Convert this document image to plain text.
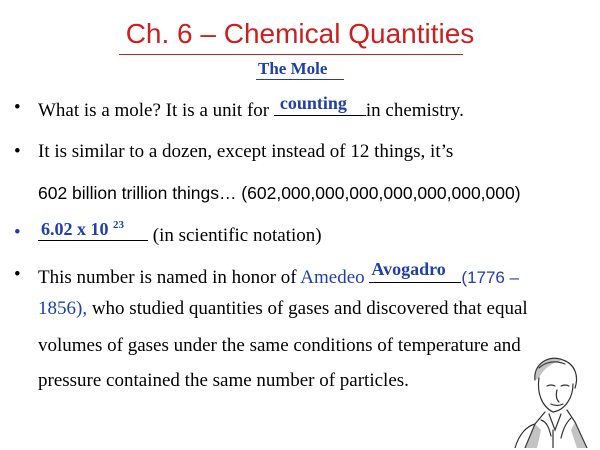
Ch. 6 – Chemical Quantities
The Mole
• What is a mole? It is a unit for counting in chemistry.
• It is similar to a dozen, except instead of 12 things, it’s
602 billion trillion things… (602,000,000,000,000,000,000,000)
• 6.02 x 10 $^{23}$ (in scientific notation)
• This number is named in honor of Amedeo Avogadro (1776 –
1856), who studied quantities of gases and discovered that equal
volumes of gases under the same conditions of temperature and
pressure contained the same number of particles.
